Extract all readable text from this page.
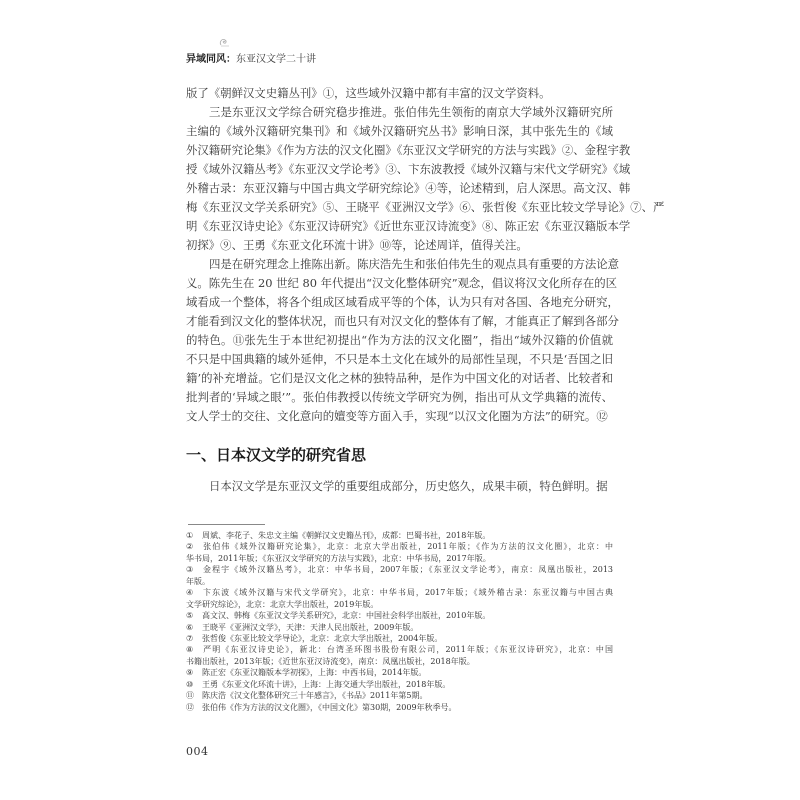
异域同风：东亚汉文学二十讲
版了《朝鲜汉文史籍丛刊》①，这些域外汉籍中都有丰富的汉文学资料。
三是东亚汉文学综合研究稳步推进。张伯伟先生领衔的南京大学域外汉籍研究所
主编的《域外汉籍研究集刊》和《域外汉籍研究丛书》影响日深，其中张先生的《域
外汉籍研究论集》《作为方法的汉文化圈》《东亚汉文学研究的方法与实践》②、金程宇教
授《域外汉籍丛考》《东亚汉文学论考》③、卞东波教授《域外汉籍与宋代文学研究》《域
外稽古录：东亚汉籍与中国古典文学研究综论》④等，论述精到，启人深思。高文汉、韩
梅《东亚汉文学关系研究》⑤、王晓平《亚洲汉文学》⑥、张哲俊《东亚比较文学导论》⑦、严
明《东亚汉诗史论》《东亚汉诗研究》《近世东亚汉诗流变》⑧、陈正宏《东亚汉籍版本学
初探》⑨、王勇《东亚文化环流十讲》⑩等，论述周详，值得关注。
四是在研究理念上推陈出新。陈庆浩先生和张伯伟先生的观点具有重要的方法论意
义。陈先生在 20 世纪 80 年代提出“汉文化整体研究”观念，倡议将汉文化所存在的区
域看成一个整体，将各个组成区域看成平等的个体，认为只有对各国、各地充分研究，
才能看到汉文化的整体状况，而也只有对汉文化的整体有了解，才能真正了解到各部分
的特色。⑪张先生于本世纪初提出“作为方法的汉文化圈”，指出“域外汉籍的价值就
不只是中国典籍的域外延伸，不只是本土文化在域外的局部性呈现，不只是‘吾国之旧
籍’的补充增益。它们是汉文化之林的独特品种，是作为中国文化的对话者、比较者和
批判者的‘异域之眼’”。张伯伟教授以传统文学研究为例，指出可从文学典籍的流传、
文人学士的交往、文化意向的嬗变等方面入手，实现“以汉文化圈为方法”的研究。⑫
一、日本汉文学的研究省思
日本汉文学是东亚汉文学的重要组成部分，历史悠久，成果丰硕，特色鲜明。据
① 周斌、李花子、朱忠文主编《朝鲜汉文史籍丛刊》，成都：巴蜀书社，2018年版。
② 张伯伟《域外汉籍研究论集》，北京：北京大学出版社，2011年版；《作为方法的汉文化圈》，北京：中
华书局，2011年版；《东亚汉文学研究的方法与实践》，北京：中华书局，2017年版。
③ 金程宇《域外汉籍丛考》，北京：中华书局，2007年版；《东亚汉文学论考》，南京：凤凰出版社，2013
年版。
④ 卞东波《域外汉籍与宋代文学研究》，北京：中华书局，2017年版；《域外稽古录：东亚汉籍与中国古典
文学研究综论》，北京：北京大学出版社，2019年版。
⑤ 高文汉、韩梅《东亚汉文学关系研究》，北京：中国社会科学出版社，2010年版。
⑥ 王晓平《亚洲汉文学》，天津：天津人民出版社，2009年版。
⑦ 张哲俊《东亚比较文学导论》，北京：北京大学出版社，2004年版。
⑧ 严明《东亚汉诗史论》，新北：台湾圣环图书股份有限公司，2011年版；《东亚汉诗研究》，北京：中国
书籍出版社，2013年版；《近世东亚汉诗流变》，南京：凤凰出版社，2018年版。
⑨ 陈正宏《东亚汉籍版本学初探》，上海：中西书局，2014年版。
⑩ 王勇《东亚文化环流十讲》，上海：上海交通大学出版社，2018年版。
⑪ 陈庆浩《汉文化整体研究三十年感言》，《书品》2011年第5期。
⑫ 张伯伟《作为方法的汉文化圈》，《中国文化》第30期，2009年秋季号。
004
